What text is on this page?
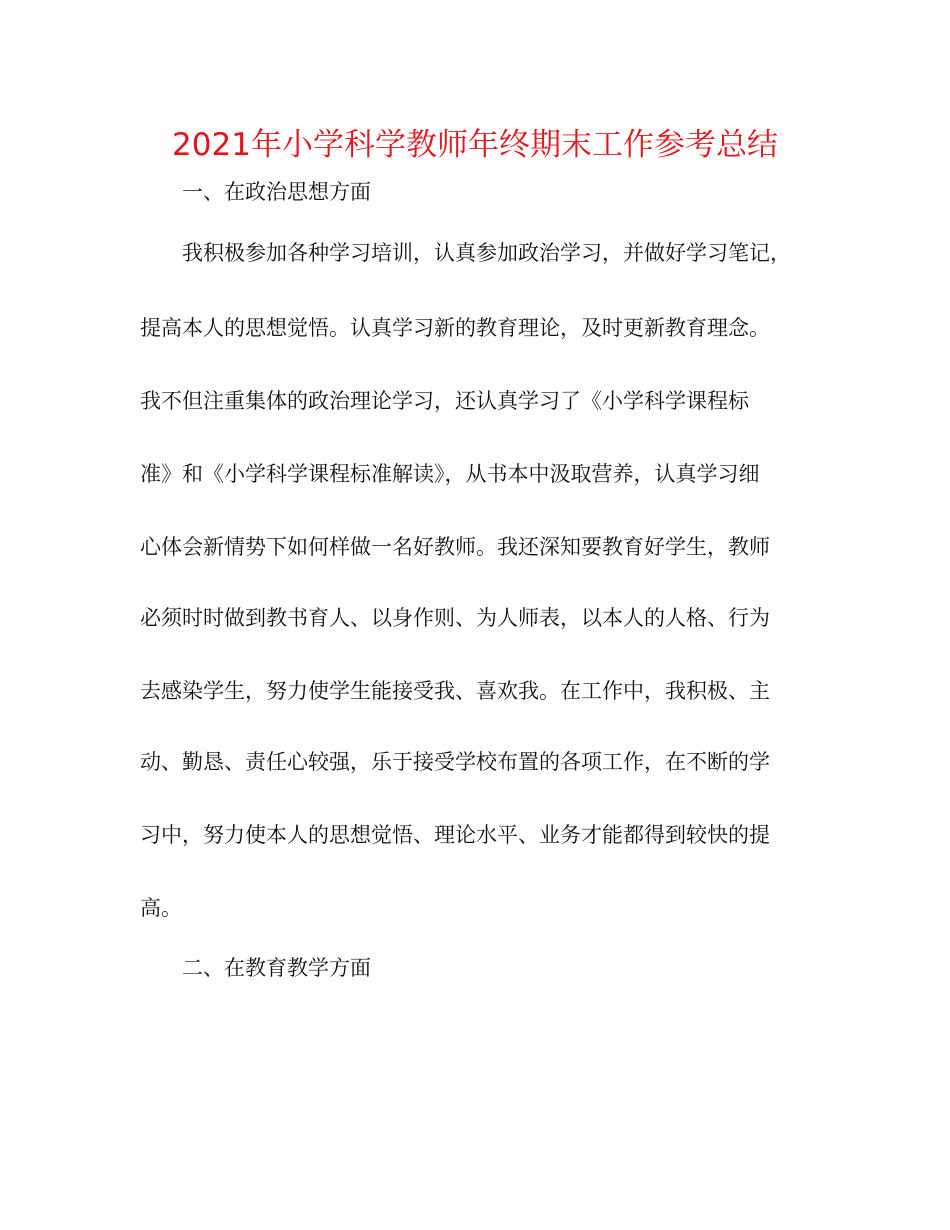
2021年小学科学教师年终期末工作参考总结
一、在政治思想方面
我积极参加各种学习培训，认真参加政治学习，并做好学习笔记，
提高本人的思想觉悟。认真学习新的教育理论，及时更新教育理念。
我不但注重集体的政治理论学习，还认真学习了《小学科学课程标
准》和《小学科学课程标准解读》，从书本中汲取营养，认真学习细
心体会新情势下如何样做一名好教师。我还深知要教育好学生，教师
必须时时做到教书育人、以身作则、为人师表，以本人的人格、行为
去感染学生，努力使学生能接受我、喜欢我。在工作中，我积极、主
动、勤恳、责任心较强，乐于接受学校布置的各项工作，在不断的学
习中，努力使本人的思想觉悟、理论水平、业务才能都得到较快的提
高。
二、在教育教学方面
